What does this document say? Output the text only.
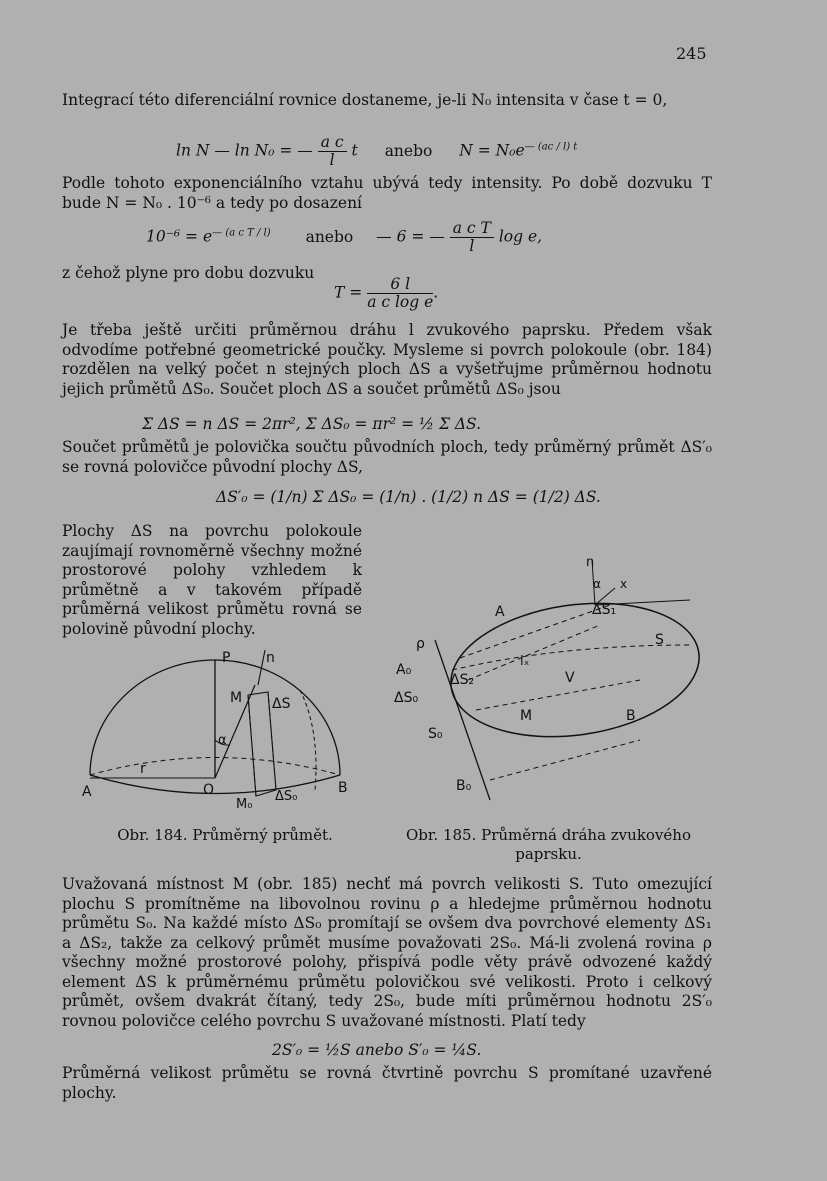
245
Integrací této diferenciální rovnice dostaneme, je-li N₀ intensita v čase t = 0,
ln N — ln N₀ = — $\frac{\text{a c}}{l}$ t anebo $N = N_0e^{— (ac / l) t}$
Podle tohoto exponenciálního vztahu ubývá tedy intensity. Po době dozvuku T bude N = N₀ . 10⁻⁶ a tedy po dosazení
$10^{-6} = e^{— (a c T / l)}$ anebo — 6 = — $\frac{\text{a c T}}{l}$ log e,
z čehož plyne pro dobu dozvuku
$T = \frac{6 l}{\text{a c log e}}$ .
Je třeba ještě určiti průměrnou dráhu l zvukového paprsku. Předem však odvodíme potřebné geometrické poučky. Mysleme si povrch polokoule (obr. 184) rozdělen na velký počet n stejných ploch ΔS a vyšetřujme průměrnou hodnotu jejich průmětů ΔS₀. Součet ploch ΔS a součet průmětů ΔS₀ jsou
Σ ΔS = n ΔS = 2πr², Σ ΔS₀ = πr² = ½ Σ ΔS.
Součet průmětů je polovička součtu původních ploch, tedy průměrný průmět ΔS′₀ se rovná polovičce původní plochy ΔS,
ΔS′₀ = (1/n) Σ ΔS₀ = (1/n) . (1/2) n ΔS = (1/2) ΔS.
Plochy ΔS na povrchu polokoule zaujímají rovnoměrně všechny možné prostorové polohy vzhledem k průmětně a v takovém případě průměrná velikost průmětu rovná se polovině původní plochy.
P	n
M ΔS
α
r
O
A	B
M₀
ΔS₀
Obr. 184. Průměrný průmět.
n
α x
A	ΔS₁
S
ρ
lₓ
A₀
ΔS₂	V
ΔS₀
M	B
S₀
B₀
Obr. 185. Průměrná dráha zvukového paprsku.
Uvažovaná místnost M (obr. 185) nechť má povrch velikosti S. Tuto omezující plochu S promítněme na libovolnou rovinu ρ a hledejme průměrnou hodnotu průmětu S₀. Na každé místo ΔS₀ promítají se ovšem dva povrchové elementy ΔS₁ a ΔS₂, takže za celkový průmět musíme považovati 2S₀. Má-li zvolená rovina ρ všechny možné prostorové polohy, přispívá podle věty právě odvozené každý element ΔS k průměrnému průmětu polovičkou své velikosti. Proto i celkový průmět, ovšem dvakrát čítaný, tedy 2S₀, bude míti průměrnou hodnotu 2S′₀ rovnou polovičce celého povrchu S uvažované místnosti. Platí tedy
2S′₀ = ½S anebo S′₀ = ¼S.
Průměrná velikost průmětu se rovná čtvrtině povrchu S promítané uzavřené plochy.
